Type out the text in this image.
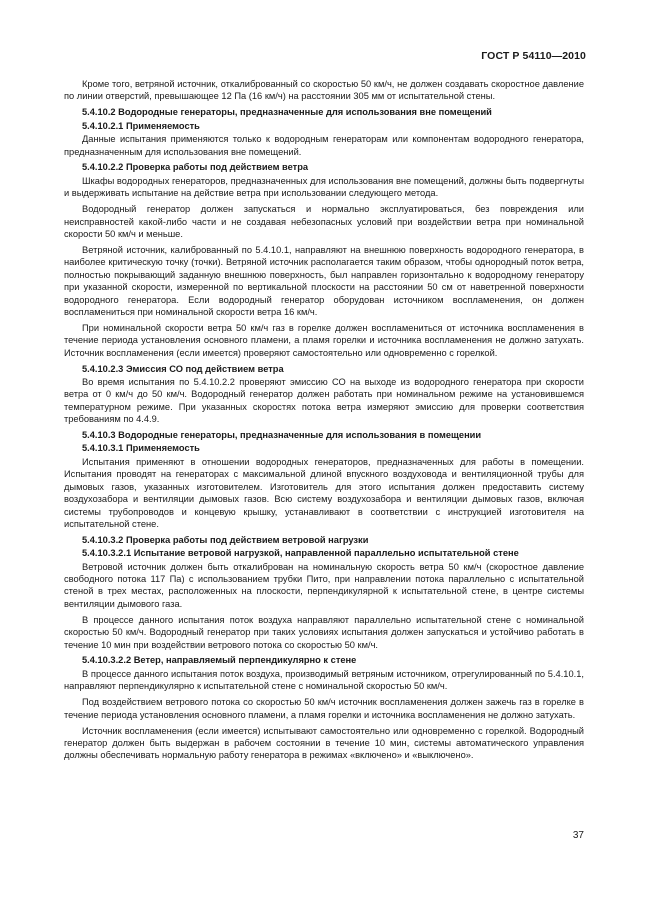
ГОСТ Р 54110—2010

Кроме того, ветряной источник, откалиброванный со скоростью 50 км/ч, не должен создавать скоростное давление по линии отверстий, превышающее 12 Па (16 км/ч) на расстоянии 305 мм от испытательной стены.

5.4.10.2 Водородные генераторы, предназначенные для использования вне помещений

5.4.10.2.1 Применяемость

Данные испытания применяются только к водородным генераторам или компонентам водородного генератора, предназначенным для использования вне помещений.

5.4.10.2.2 Проверка работы под действием ветра

Шкафы водородных генераторов, предназначенных для использования вне помещений, должны быть подвергнуты и выдерживать испытание на действие ветра при использовании следующего метода.

Водородный генератор должен запускаться и нормально эксплуатироваться, без повреждения или неисправностей какой-либо части и не создавая небезопасных условий при воздействии ветра при номинальной скорости 50 км/ч и меньше.

Ветряной источник, калиброванный по 5.4.10.1, направляют на внешнюю поверхность водородного генератора, в наиболее критическую точку (точки). Ветряной источник располагается таким образом, чтобы однородный поток ветра, полностью покрывающий заданную внешнюю поверхность, был направлен горизонтально к водородному генератору при указанной скорости, измеренной по вертикальной плоскости на расстоянии 50 см от наветренной поверхности водородного генератора. Если водородный генератор оборудован источником воспламенения, он должен воспламениться при номинальной скорости ветра 16 км/ч.

При номинальной скорости ветра 50 км/ч газ в горелке должен воспламениться от источника воспламенения в течение периода установления основного пламени, а пламя горелки и источника воспламенения не должно затухать. Источник воспламенения (если имеется) проверяют самостоятельно или одновременно с горелкой.

5.4.10.2.3 Эмиссия СО под действием ветра

Во время испытания по 5.4.10.2.2 проверяют эмиссию СО на выходе из водородного генератора при скорости ветра от 0 км/ч до 50 км/ч. Водородный генератор должен работать при номинальном режиме на установившемся температурном режиме. При указанных скоростях потока ветра измеряют эмиссию для проверки соответствия требованиям по 4.4.9.

5.4.10.3 Водородные генераторы, предназначенные для использования в помещении

5.4.10.3.1 Применяемость

Испытания применяют в отношении водородных генераторов, предназначенных для работы в помещении. Испытания проводят на генераторах с максимальной длиной впускного воздуховода и вентиляционной трубы для дымовых газов, указанных изготовителем. Изготовитель для этого испытания должен предоставить систему воздухозабора и вентиляции дымовых газов. Всю систему воздухозабора и вентиляции дымовых газов, включая системы трубопроводов и концевую крышку, устанавливают в соответствии с инструкцией изготовителя на испытательной стене.

5.4.10.3.2 Проверка работы под действием ветровой нагрузки

5.4.10.3.2.1 Испытание ветровой нагрузкой, направленной параллельно испытательной стене

Ветровой источник должен быть откалиброван на номинальную скорость ветра 50 км/ч (скоростное давление свободного потока 117 Па) с использованием трубки Пито, при направлении потока параллельно с испытательной стеной в трех местах, расположенных на плоскости, перпендикулярной к испытательной стене, в центре системы вентиляции дымового газа.

В процессе данного испытания поток воздуха направляют параллельно испытательной стене с номинальной скоростью 50 км/ч. Водородный генератор при таких условиях испытания должен запускаться и устойчиво работать в течение 10 мин при воздействии ветрового потока со скоростью 50 км/ч.

5.4.10.3.2.2 Ветер, направляемый перпендикулярно к стене

В процессе данного испытания поток воздуха, производимый ветряным источником, отрегулированный по 5.4.10.1, направляют перпендикулярно к испытательной стене с номинальной скоростью 50 км/ч.

Под воздействием ветрового потока со скоростью 50 км/ч источник воспламенения должен зажечь газ в горелке в течение периода установления основного пламени, а пламя горелки и источника воспламенения не должно затухать.

Источник воспламенения (если имеется) испытывают самостоятельно или одновременно с горелкой. Водородный генератор должен быть выдержан в рабочем состоянии в течение 10 мин, системы автоматического управления должны обеспечивать нормальную работу генератора в режимах «включено» и «выключено».

37
